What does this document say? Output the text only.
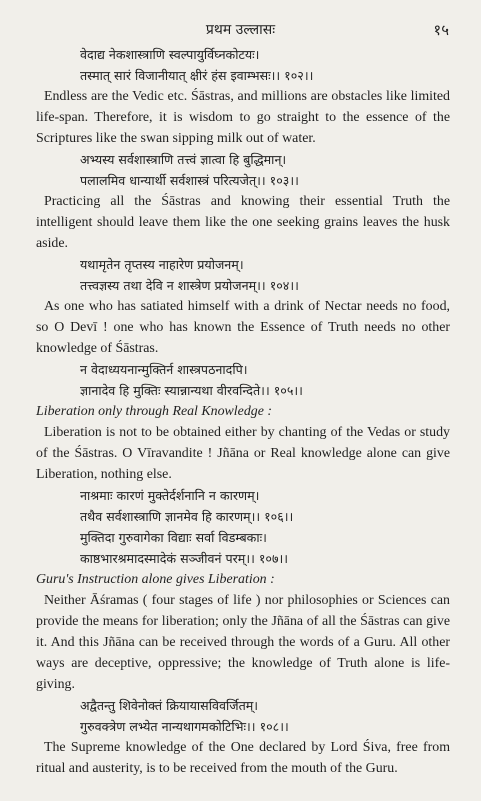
प्रथम उल्लासः	१५
वेदाद्य नेकशास्त्राणि स्वल्पायुर्विघ्नकोटयः।
तस्मात् सारं विजानीयात् क्षीरं हंस इवाम्भसः।। १०२।।

Endless are the Vedic etc. Śāstras, and millions are obstacles like limited life-span. Therefore, it is wisdom to go straight to the essence of the Scriptures like the swan sipping milk out of water.

अभ्यस्य सर्वशास्त्राणि तत्त्वं ज्ञात्वा हि बुद्धिमान्।
पलालमिव धान्यार्थी सर्वशास्त्रं परित्यजेत्।। १०३।।

Practicing all the Śāstras and knowing their essential Truth the intelligent should leave them like the one seeking grains leaves the husk aside.

यथामृतेन तृप्तस्य नाहारेण प्रयोजनम्।
तत्त्वज्ञस्य तथा देवि न शास्त्रेण प्रयोजनम्।। १०४।।

As one who has satiated himself with a drink of Nectar needs no food, so O Devī ! one who has known the Essence of Truth needs no other knowledge of Śāstras.

न वेदाध्ययनान्मुक्तिर्न शास्त्रपठनादपि।
ज्ञानादेव हि मुक्तिः स्यान्नान्यथा वीरवन्दिते।। १०५।।

Liberation only through Real Knowledge :

Liberation is not to be obtained either by chanting of the Vedas or study of the Śāstras. O Vīravandite ! Jñāna or Real knowledge alone can give Liberation, nothing else.

नाश्रमाः कारणं मुक्तेर्दर्शनानि न कारणम्।
तथैव सर्वशास्त्राणि ज्ञानमेव हि कारणम्।। १०६।।
मुक्तिदा गुरुवागेका विद्याः सर्वा विडम्बकाः।
काष्ठभारश्रमादस्मादेकं सञ्जीवनं परम्।। १०७।।

Guru's Instruction alone gives Liberation :

Neither Āśramas ( four stages of life ) nor philosophies or Sciences can provide the means for liberation; only the Jñāna of all the Śāstras can give it. And this Jñāna can be received through the words of a Guru. All other ways are deceptive, oppressive; the knowledge of Truth alone is life-giving.

अद्वैतन्तु शिवेनोक्तं क्रियायासविवर्जितम्।
गुरुवक्त्रेण लभ्येत नान्यथागमकोटिभिः।। १०८।।

The Supreme knowledge of the One declared by Lord Śiva, free from ritual and austerity, is to be received from the mouth of the Guru.
